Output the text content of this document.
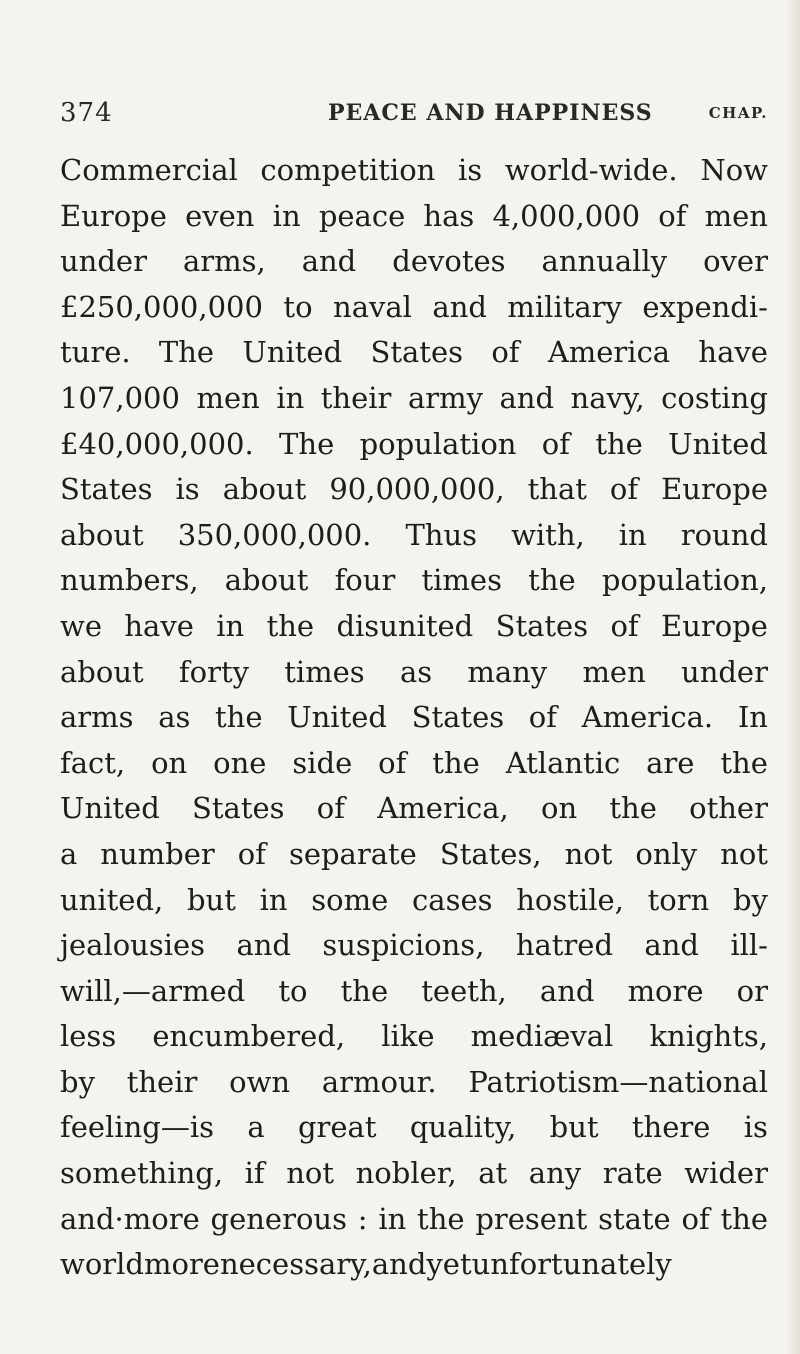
374	PEACE AND HAPPINESS	CHAP.
Commercial competition is world-wide. Now
Europe even in peace has 4,000,000 of men
under arms, and devotes annually over
£250,000,000 to naval and military expendi-
ture. The United States of America have
107,000 men in their army and navy, costing
£40,000,000. The population of the United
States is about 90,000,000, that of Europe
about 350,000,000. Thus with, in round
numbers, about four times the population,
we have in the disunited States of Europe
about forty times as many men under
arms as the United States of America. In
fact, on one side of the Atlantic are the
United States of America, on the other
a number of separate States, not only not
united, but in some cases hostile, torn by
jealousies and suspicions, hatred and ill-
will,—armed to the teeth, and more or
less encumbered, like mediæval knights,
by their own armour. Patriotism—national
feeling—is a great quality, but there is
something, if not nobler, at any rate wider
and·more generous : in the present state of the
world more necessary, and yet unfortunately
